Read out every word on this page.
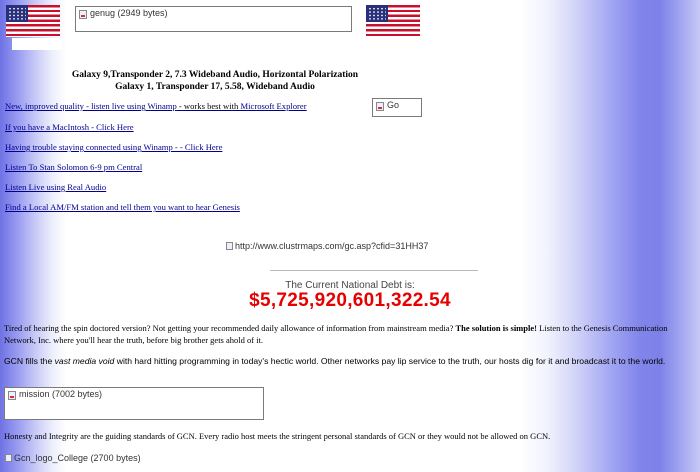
genug (2949 bytes)
Galaxy 9,Transponder 2, 7.3 Wideband Audio, Horizontal Polarization
Galaxy 1, Transponder 17, 5.58, Wideband Audio
Go
New, improved quality - listen live using Winamp - works best with Microsoft Explorer
If you have a MacIntosh - Click Here
Having trouble staying connected using Winamp - - Click Here
Listen To Stan Solomon 6-9 pm Central
Listen Live using Real Audio
Find a Local AM/FM station and tell them you want to hear Genesis
http://www.clustrmaps.com/gc.asp?cfid=31HH37
The Current National Debt is:
$5,725,920,601,322.54
Tired of hearing the spin doctored version? Not getting your recommended daily allowance of information from mainstream media? The solution is simple! Listen to the Genesis Communication Network, Inc. where you'll hear the truth, before big brother gets ahold of it.
GCN fills the vast media void with hard hitting programming in today's hectic world. Other networks pay lip service to the truth, our hosts dig for it and broadcast it to the world.
mission (7002 bytes)
Honesty and Integrity are the guiding standards of GCN. Every radio host meets the stringent personal standards of GCN or they would not be allowed on GCN.
Gcn_logo_College (2700 bytes)
